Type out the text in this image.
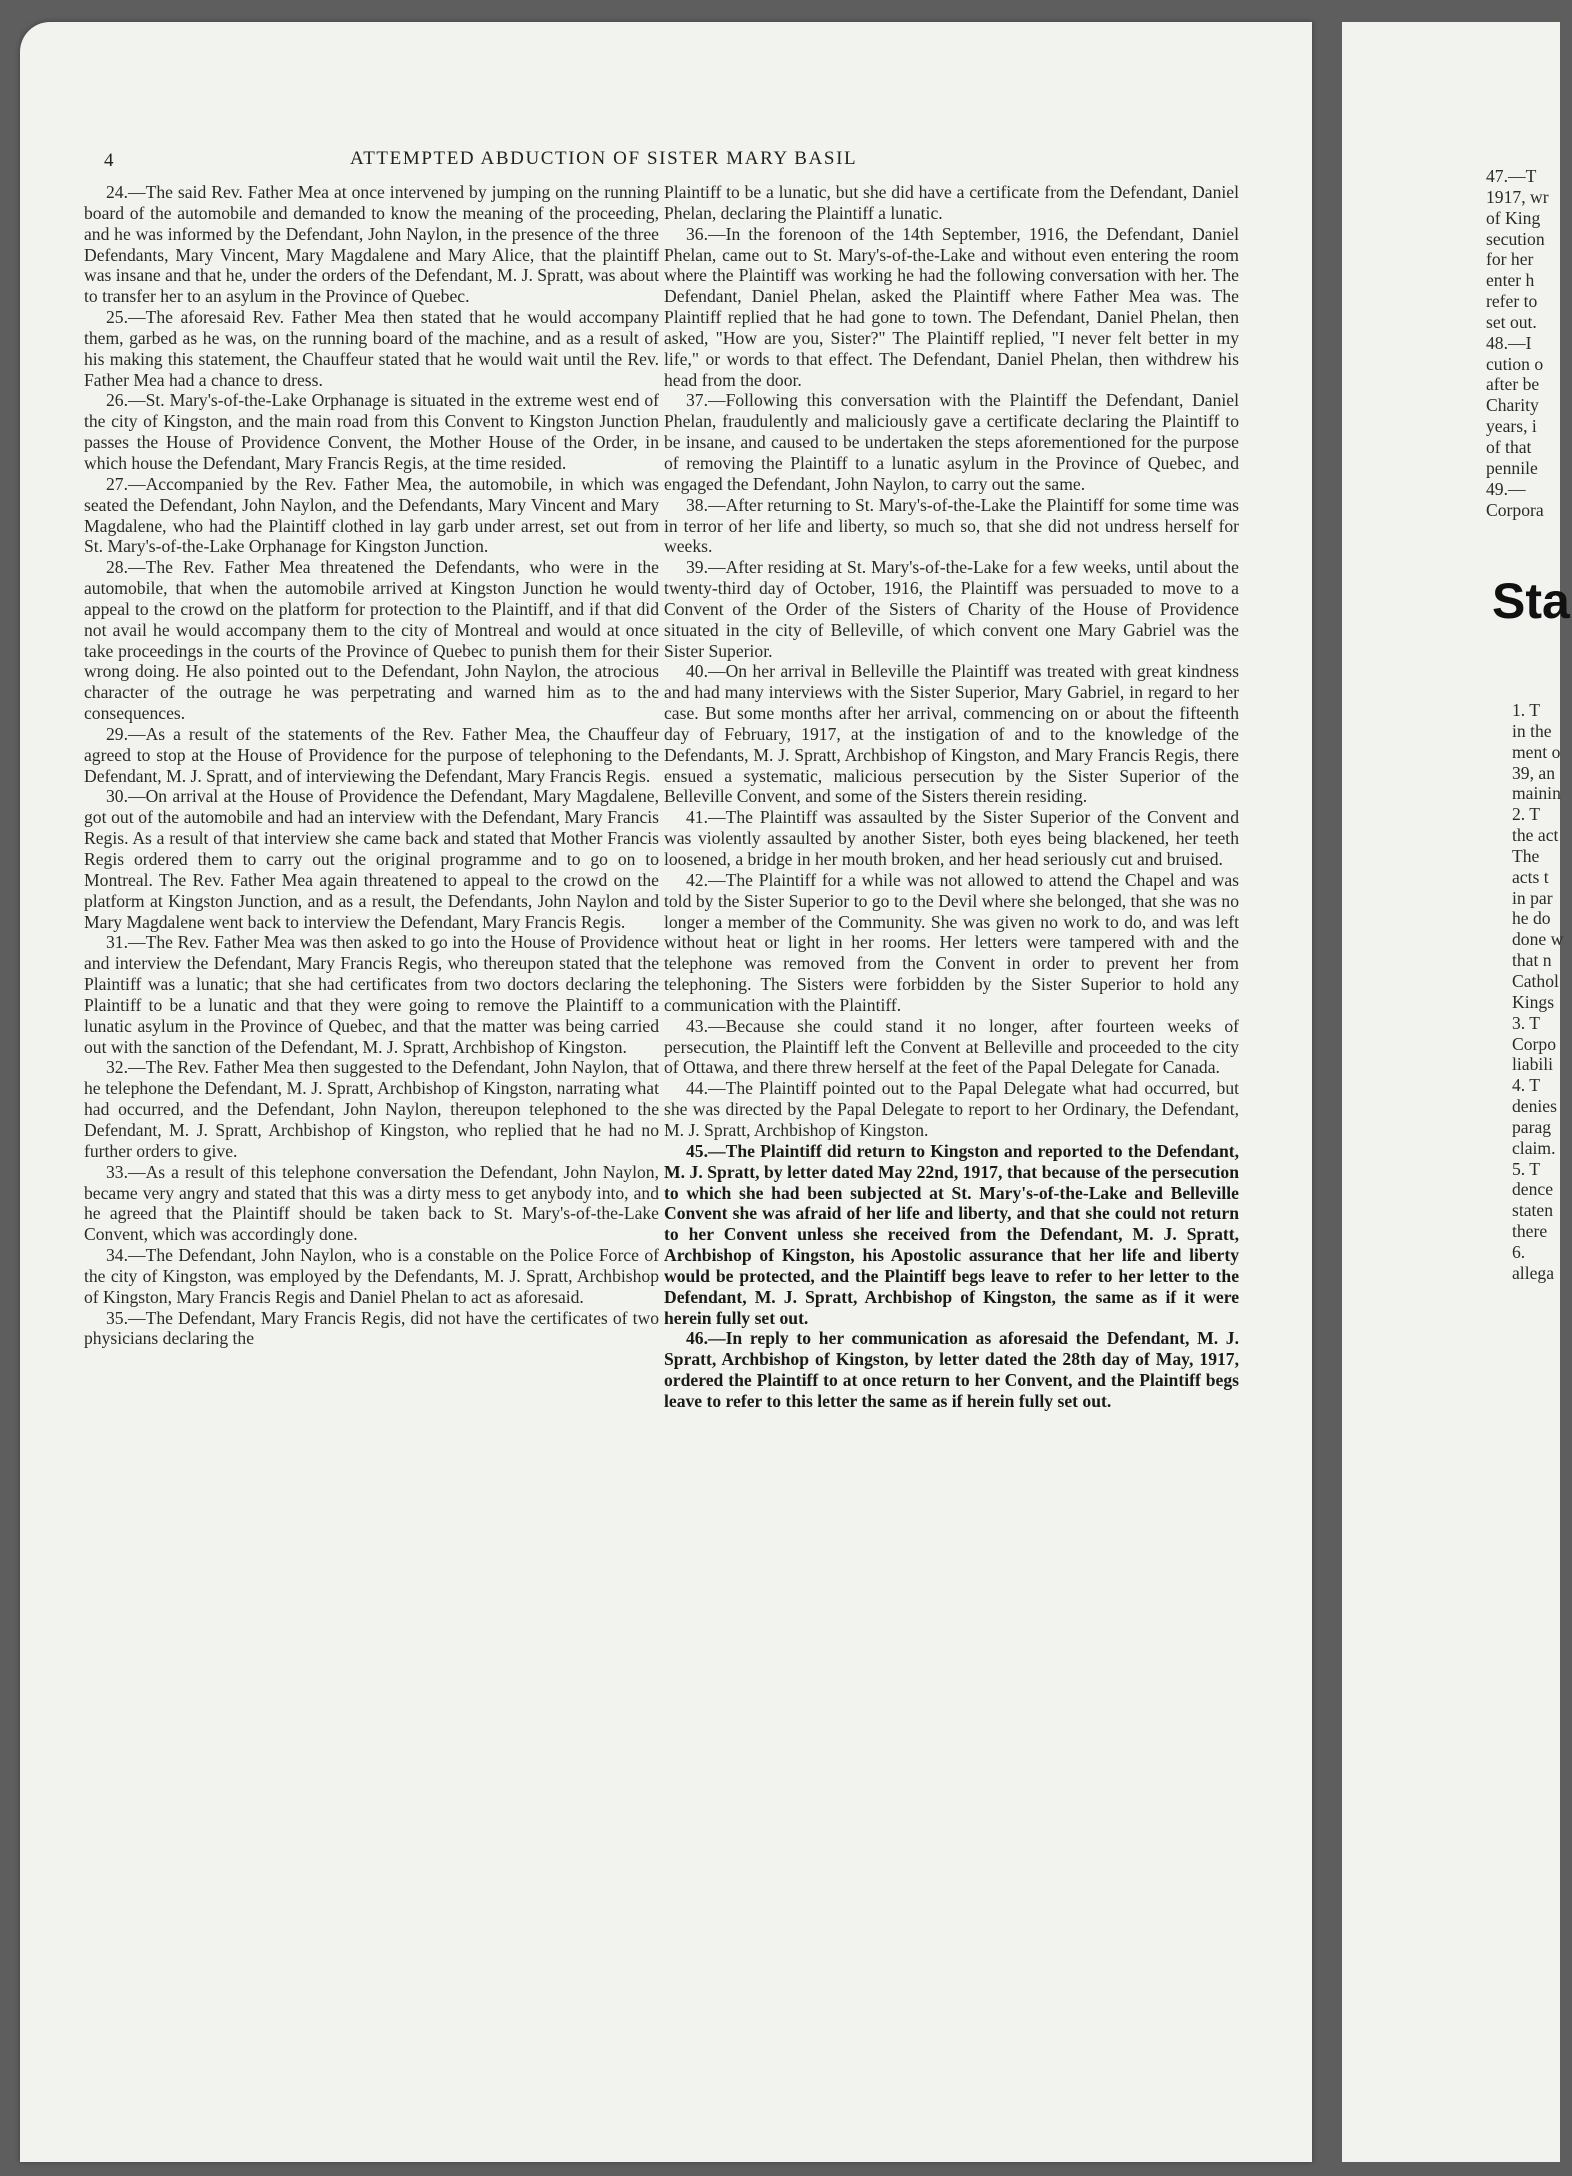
4	ATTEMPTED ABDUCTION OF SISTER MARY BASIL

24.—The said Rev. Father Mea at once intervened by jumping on the running board of the automobile and demanded to know the meaning of the proceeding, and he was informed by the Defendant, John Naylon, in the presence of the three Defendants, Mary Vincent, Mary Magdalene and Mary Alice, that the plaintiff was insane and that he, under the orders of the Defendant, M. J. Spratt, was about to transfer her to an asylum in the Province of Quebec.

25.—The aforesaid Rev. Father Mea then stated that he would accompany them, garbed as he was, on the running board of the machine, and as a result of his making this statement, the Chauffeur stated that he would wait until the Rev. Father Mea had a chance to dress.

26.—St. Mary's-of-the-Lake Orphanage is situated in the extreme west end of the city of Kingston, and the main road from this Convent to Kingston Junction passes the House of Providence Convent, the Mother House of the Order, in which house the Defendant, Mary Francis Regis, at the time resided.

27.—Accompanied by the Rev. Father Mea, the automobile, in which was seated the Defendant, John Naylon, and the Defendants, Mary Vincent and Mary Magdalene, who had the Plaintiff clothed in lay garb under arrest, set out from St. Mary's-of-the-Lake Orphanage for Kingston Junction.

28.—The Rev. Father Mea threatened the Defendants, who were in the automobile, that when the automobile arrived at Kingston Junction he would appeal to the crowd on the platform for protection to the Plaintiff, and if that did not avail he would accompany them to the city of Montreal and would at once take proceedings in the courts of the Province of Quebec to punish them for their wrong doing. He also pointed out to the Defendant, John Naylon, the atrocious character of the outrage he was perpetrating and warned him as to the consequences.

29.—As a result of the statements of the Rev. Father Mea, the Chauffeur agreed to stop at the House of Providence for the purpose of telephoning to the Defendant, M. J. Spratt, and of interviewing the Defendant, Mary Francis Regis.

30.—On arrival at the House of Providence the Defendant, Mary Magdalene, got out of the automobile and had an interview with the Defendant, Mary Francis Regis. As a result of that interview she came back and stated that Mother Francis Regis ordered them to carry out the original programme and to go on to Montreal. The Rev. Father Mea again threatened to appeal to the crowd on the platform at Kingston Junction, and as a result, the Defendants, John Naylon and Mary Magdalene went back to interview the Defendant, Mary Francis Regis.

31.—The Rev. Father Mea was then asked to go into the House of Providence and interview the Defendant, Mary Francis Regis, who thereupon stated that the Plaintiff was a lunatic; that she had certificates from two doctors declaring the Plaintiff to be a lunatic and that they were going to remove the Plaintiff to a lunatic asylum in the Province of Quebec, and that the matter was being carried out with the sanction of the Defendant, M. J. Spratt, Archbishop of Kingston.

32.—The Rev. Father Mea then suggested to the Defendant, John Naylon, that he telephone the Defendant, M. J. Spratt, Archbishop of Kingston, narrating what had occurred, and the Defendant, John Naylon, thereupon telephoned to the Defendant, M. J. Spratt, Archbishop of Kingston, who replied that he had no further orders to give.

33.—As a result of this telephone conversation the Defendant, John Naylon, became very angry and stated that this was a dirty mess to get anybody into, and he agreed that the Plaintiff should be taken back to St. Mary's-of-the-Lake Convent, which was accordingly done.

34.—The Defendant, John Naylon, who is a constable on the Police Force of the city of Kingston, was employed by the Defendants, M. J. Spratt, Archbishop of Kingston, Mary Francis Regis and Daniel Phelan to act as aforesaid.

35.—The Defendant, Mary Francis Regis, did not have the certificates of two physicians declaring the

Plaintiff to be a lunatic, but she did have a certificate from the Defendant, Daniel Phelan, declaring the Plaintiff a lunatic.

36.—In the forenoon of the 14th September, 1916, the Defendant, Daniel Phelan, came out to St. Mary's-of-the-Lake and without even entering the room where the Plaintiff was working he had the following conversation with her. The Defendant, Daniel Phelan, asked the Plaintiff where Father Mea was. The Plaintiff replied that he had gone to town. The Defendant, Daniel Phelan, then asked, "How are you, Sister?" The Plaintiff replied, "I never felt better in my life," or words to that effect. The Defendant, Daniel Phelan, then withdrew his head from the door.

37.—Following this conversation with the Plaintiff the Defendant, Daniel Phelan, fraudulently and maliciously gave a certificate declaring the Plaintiff to be insane, and caused to be undertaken the steps aforementioned for the purpose of removing the Plaintiff to a lunatic asylum in the Province of Quebec, and engaged the Defendant, John Naylon, to carry out the same.

38.—After returning to St. Mary's-of-the-Lake the Plaintiff for some time was in terror of her life and liberty, so much so, that she did not undress herself for weeks.

39.—After residing at St. Mary's-of-the-Lake for a few weeks, until about the twenty-third day of October, 1916, the Plaintiff was persuaded to move to a Convent of the Order of the Sisters of Charity of the House of Providence situated in the city of Belleville, of which convent one Mary Gabriel was the Sister Superior.

40.—On her arrival in Belleville the Plaintiff was treated with great kindness and had many interviews with the Sister Superior, Mary Gabriel, in regard to her case. But some months after her arrival, commencing on or about the fifteenth day of February, 1917, at the instigation of and to the knowledge of the Defendants, M. J. Spratt, Archbishop of Kingston, and Mary Francis Regis, there ensued a systematic, malicious persecution by the Sister Superior of the Belleville Convent, and some of the Sisters therein residing.

41.—The Plaintiff was assaulted by the Sister Superior of the Convent and was violently assaulted by another Sister, both eyes being blackened, her teeth loosened, a bridge in her mouth broken, and her head seriously cut and bruised.

42.—The Plaintiff for a while was not allowed to attend the Chapel and was told by the Sister Superior to go to the Devil where she belonged, that she was no longer a member of the Community. She was given no work to do, and was left without heat or light in her rooms. Her letters were tampered with and the telephone was removed from the Convent in order to prevent her from telephoning. The Sisters were forbidden by the Sister Superior to hold any communication with the Plaintiff.

43.—Because she could stand it no longer, after fourteen weeks of persecution, the Plaintiff left the Convent at Belleville and proceeded to the city of Ottawa, and there threw herself at the feet of the Papal Delegate for Canada.

44.—The Plaintiff pointed out to the Papal Delegate what had occurred, but she was directed by the Papal Delegate to report to her Ordinary, the Defendant, M. J. Spratt, Archbishop of Kingston.

45.—The Plaintiff did return to Kingston and reported to the Defendant, M. J. Spratt, by letter dated May 22nd, 1917, that because of the persecution to which she had been subjected at St. Mary's-of-the-Lake and Belleville Convent she was afraid of her life and liberty, and that she could not return to her Convent unless she received from the Defendant, M. J. Spratt, Archbishop of Kingston, his Apostolic assurance that her life and liberty would be protected, and the Plaintiff begs leave to refer to her letter to the Defendant, M. J. Spratt, Archbishop of Kingston, the same as if it were herein fully set out.

46.—In reply to her communication as aforesaid the Defendant, M. J. Spratt, Archbishop of Kingston, by letter dated the 28th day of May, 1917, ordered the Plaintiff to at once return to her Convent, and the Plaintiff begs leave to refer to this letter the same as if herein fully set out.

47.—T
1917, wr
of King
secution
for her
enter h
refer to
set out.
48.—I
cution o
after be
Charity
years, i
of that
pennile
49.—
Corpora
Sta
1. T
in the
ment o
39, an
mainin
2. T
the act
The
acts t
in par
he do
done w
that n
Cathol
Kings
3. T
Corpo
liabili
4. T
denies
parag
claim.
5. T
dence
staten
there
6.
allega
